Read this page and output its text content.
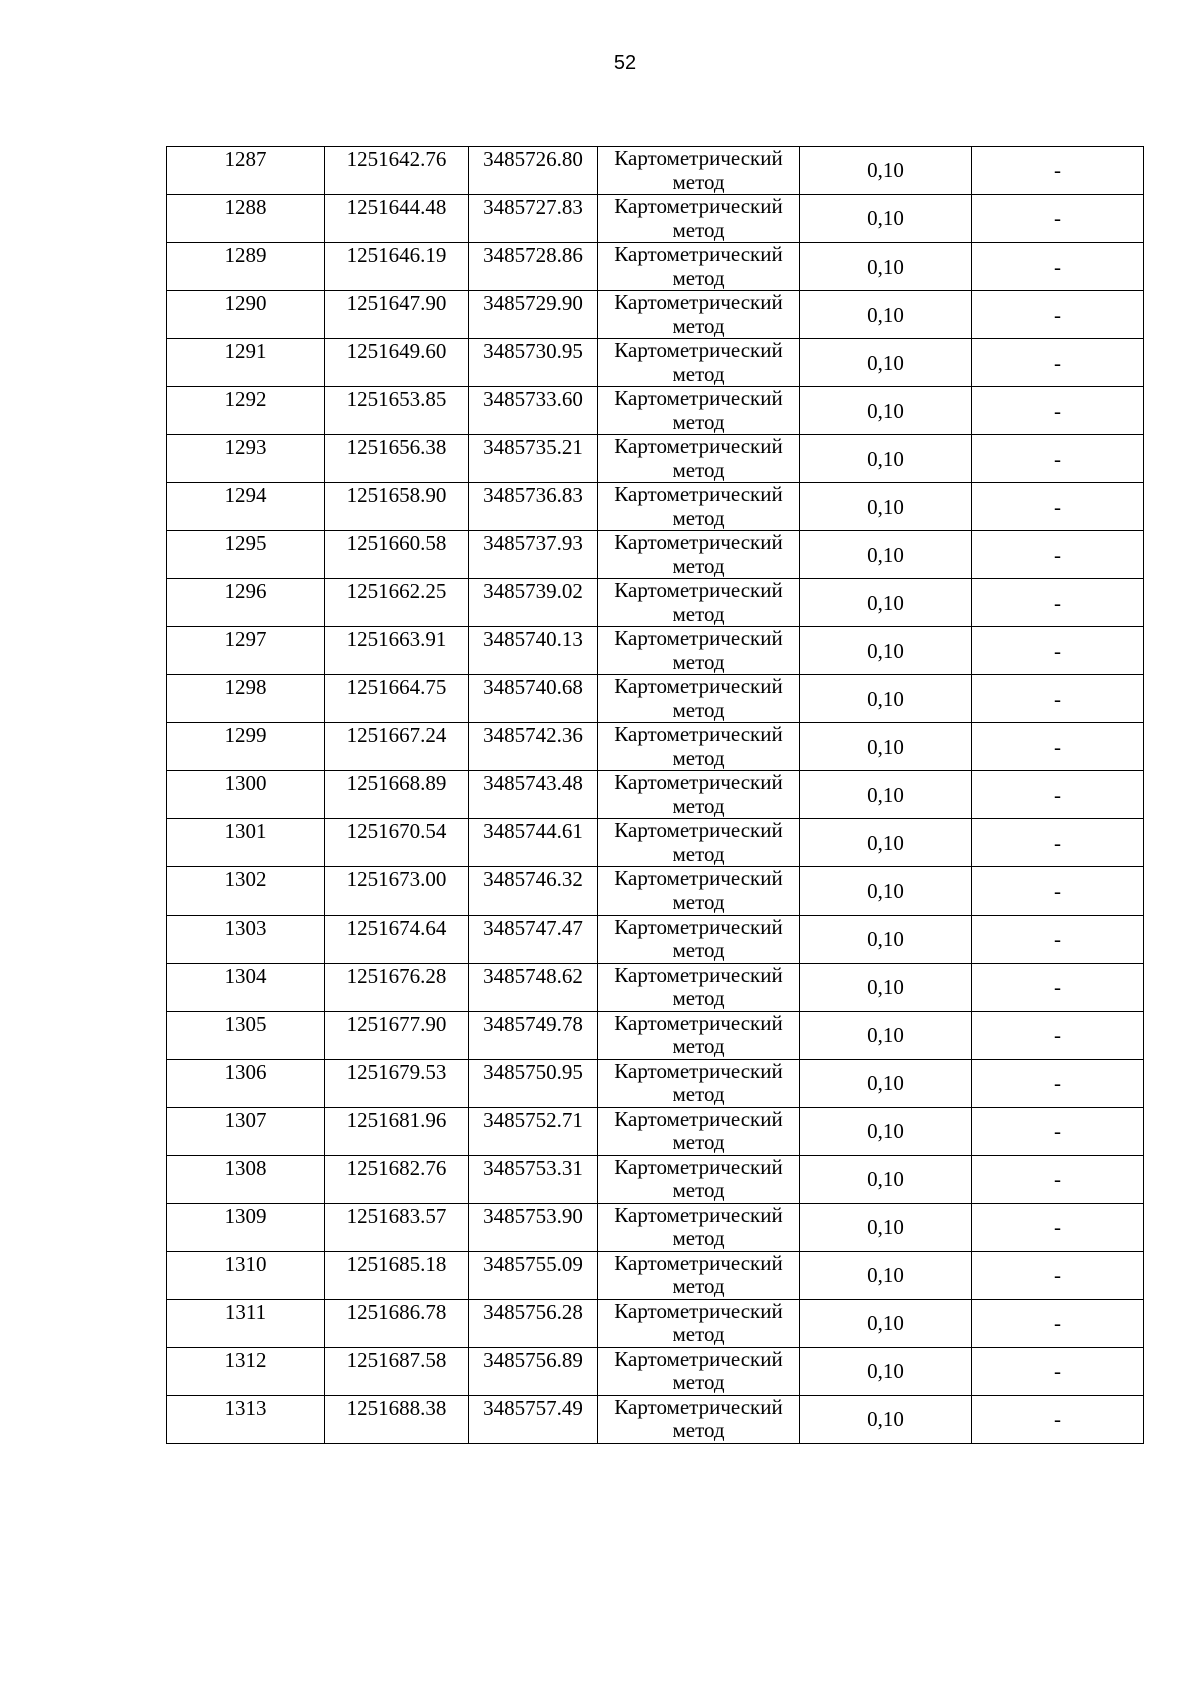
52
1287	1251642.76	3485726.80	Картометрический
метод	0,10	-
1288	1251644.48	3485727.83	Картометрический
метод	0,10	-
1289	1251646.19	3485728.86	Картометрический
метод	0,10	-
1290	1251647.90	3485729.90	Картометрический
метод	0,10	-
1291	1251649.60	3485730.95	Картометрический
метод	0,10	-
1292	1251653.85	3485733.60	Картометрический
метод	0,10	-
1293	1251656.38	3485735.21	Картометрический
метод	0,10	-
1294	1251658.90	3485736.83	Картометрический
метод	0,10	-
1295	1251660.58	3485737.93	Картометрический
метод	0,10	-
1296	1251662.25	3485739.02	Картометрический
метод	0,10	-
1297	1251663.91	3485740.13	Картометрический
метод	0,10	-
1298	1251664.75	3485740.68	Картометрический
метод	0,10	-
1299	1251667.24	3485742.36	Картометрический
метод	0,10	-
1300	1251668.89	3485743.48	Картометрический
метод	0,10	-
1301	1251670.54	3485744.61	Картометрический
метод	0,10	-
1302	1251673.00	3485746.32	Картометрический
метод	0,10	-
1303	1251674.64	3485747.47	Картометрический
метод	0,10	-
1304	1251676.28	3485748.62	Картометрический
метод	0,10	-
1305	1251677.90	3485749.78	Картометрический
метод	0,10	-
1306	1251679.53	3485750.95	Картометрический
метод	0,10	-
1307	1251681.96	3485752.71	Картометрический
метод	0,10	-
1308	1251682.76	3485753.31	Картометрический
метод	0,10	-
1309	1251683.57	3485753.90	Картометрический
метод	0,10	-
1310	1251685.18	3485755.09	Картометрический
метод	0,10	-
1311	1251686.78	3485756.28	Картометрический
метод	0,10	-
1312	1251687.58	3485756.89	Картометрический
метод	0,10	-
1313	1251688.38	3485757.49	Картометрический
метод	0,10	-
